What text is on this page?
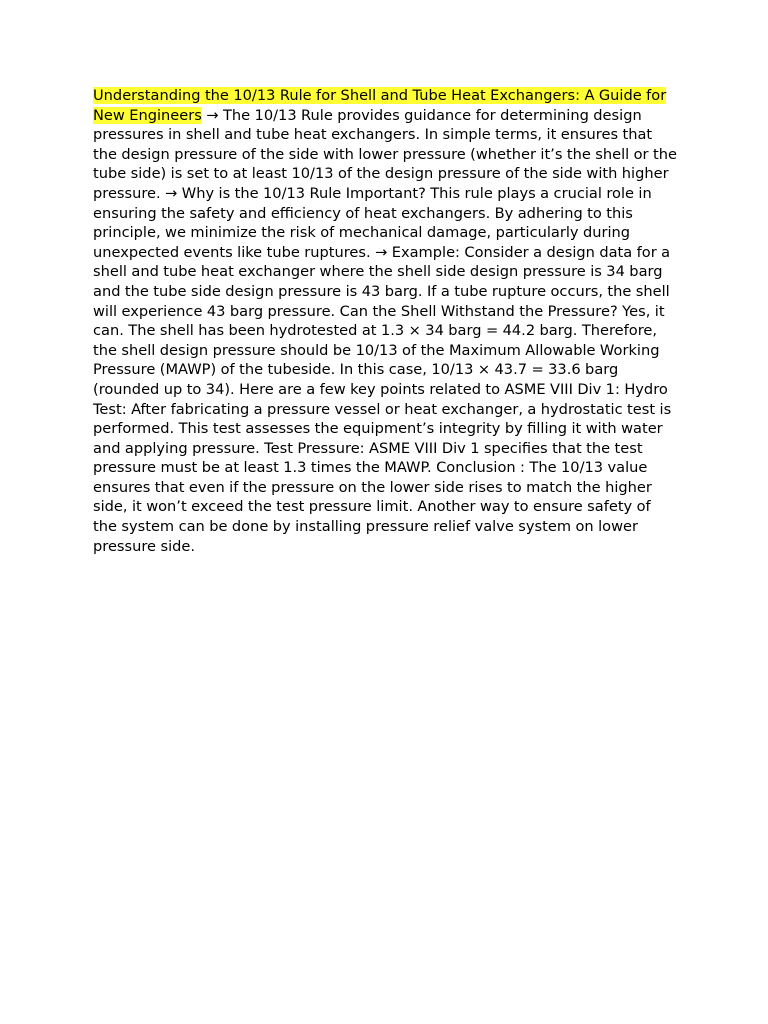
Understanding the 10/13 Rule for Shell and Tube Heat Exchangers: A Guide for New Engineers → The 10/13 Rule provides guidance for determining design pressures in shell and tube heat exchangers. In simple terms, it ensures that the design pressure of the side with lower pressure (whether it’s the shell or the tube side) is set to at least 10/13 of the design pressure of the side with higher pressure. → Why is the 10/13 Rule Important? This rule plays a crucial role in ensuring the safety and efficiency of heat exchangers. By adhering to this principle, we minimize the risk of mechanical damage, particularly during unexpected events like tube ruptures. → Example: Consider a design data for a shell and tube heat exchanger where the shell side design pressure is 34 barg and the tube side design pressure is 43 barg. If a tube rupture occurs, the shell will experience 43 barg pressure. Can the Shell Withstand the Pressure? Yes, it can. The shell has been hydrotested at 1.3 × 34 barg = 44.2 barg. Therefore, the shell design pressure should be 10/13 of the Maximum Allowable Working Pressure (MAWP) of the tubeside. In this case, 10/13 × 43.7 = 33.6 barg (rounded up to 34). Here are a few key points related to ASME VIII Div 1: Hydro Test: After fabricating a pressure vessel or heat exchanger, a hydrostatic test is performed. This test assesses the equipment’s integrity by filling it with water and applying pressure. Test Pressure: ASME VIII Div 1 specifies that the test pressure must be at least 1.3 times the MAWP. Conclusion : The 10/13 value ensures that even if the pressure on the lower side rises to match the higher side, it won’t exceed the test pressure limit. Another way to ensure safety of the system can be done by installing pressure relief valve system on lower pressure side.
